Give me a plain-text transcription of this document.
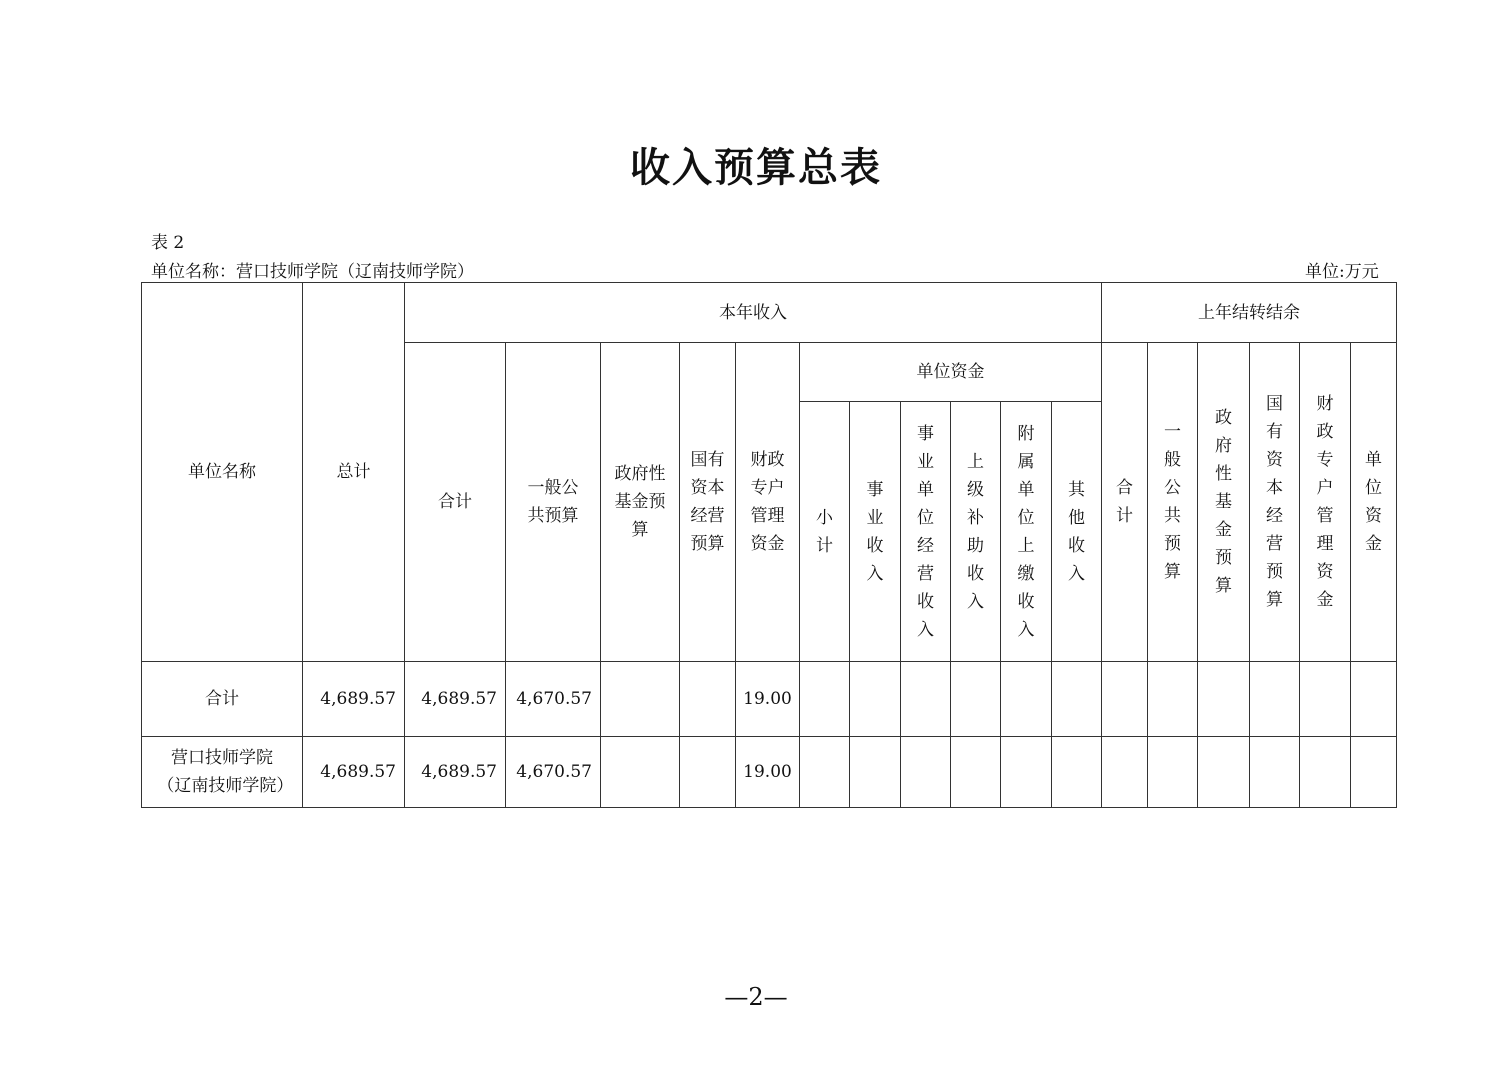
收入预算总表
表 2
单位名称：营口技师学院（辽南技师学院）	单位:万元
单位名称	总计	本年收入											上年结转结余					
		合计	一般公共预算	政府性基金预算	国有资本经营预算	财政专户管理资金	单位资金						合计	一般公共预算	政府性基金预算	国有资本经营预算	财政专户管理资金	单位资金
							小计	事业收入	事业单位经营收入	上级补助收入	附属单位上缴收入	其他收入						
合计	4,689.57	4,689.57	4,670.57			19.00												
营口技师学院（辽南技师学院）	4,689.57	4,689.57	4,670.57			19.00												
—2—
